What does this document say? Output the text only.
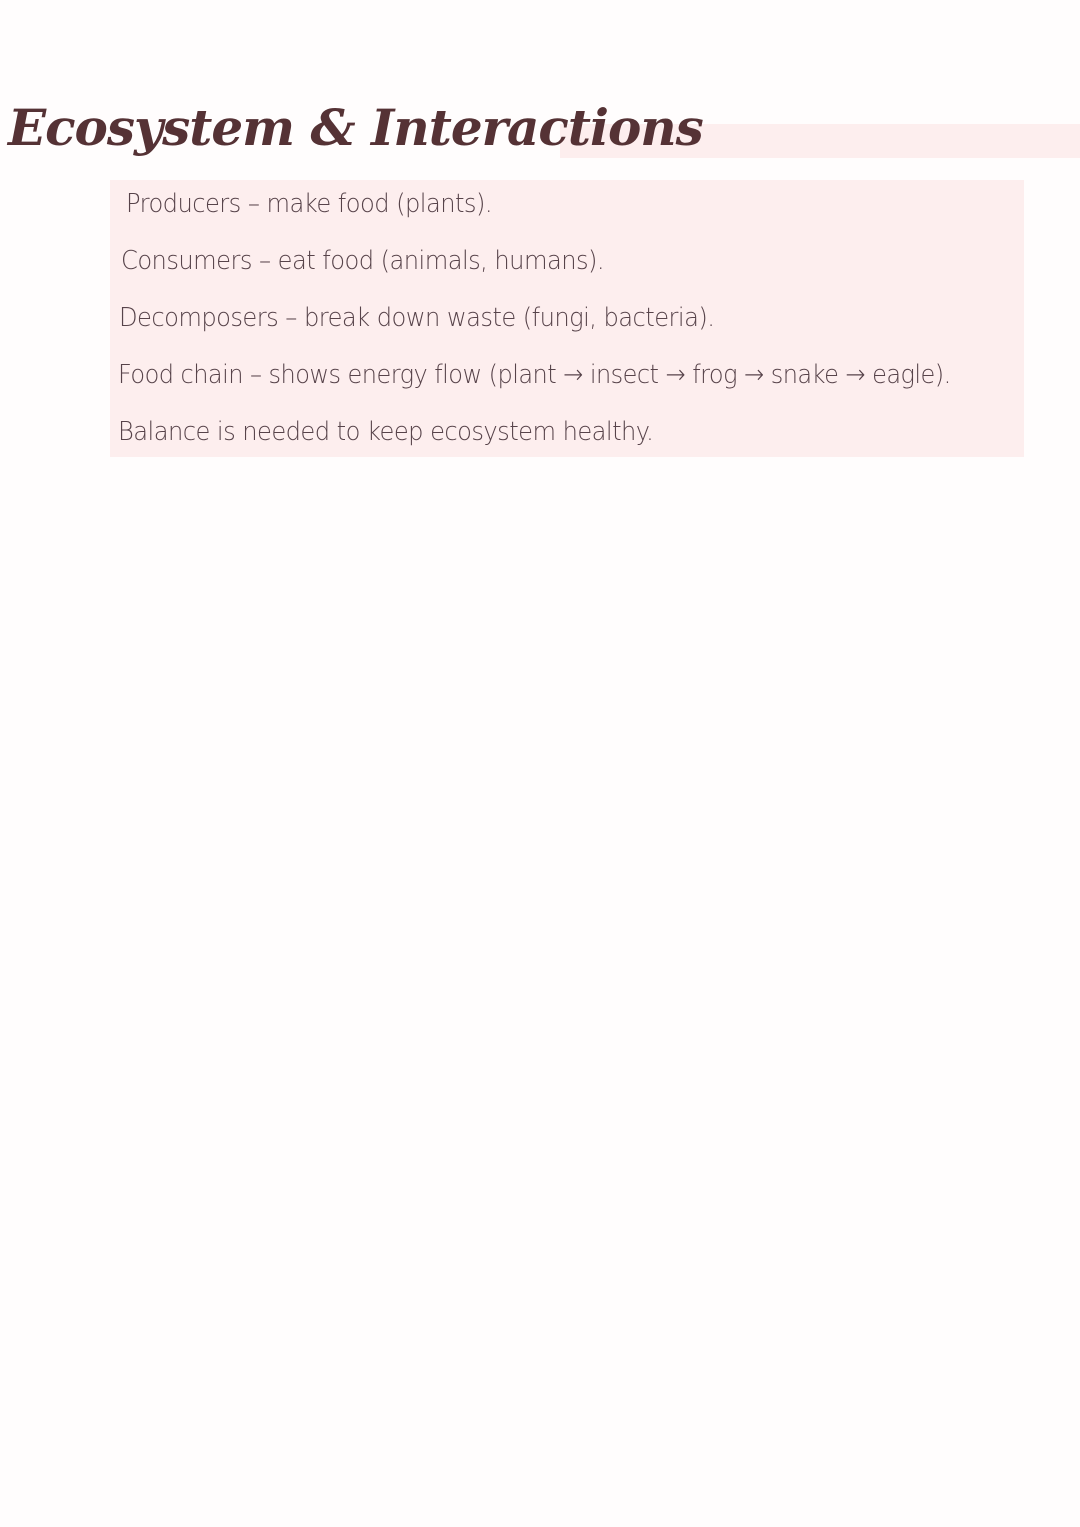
Ecosystem & Interactions

Producers – make food (plants).

Consumers – eat food (animals, humans).

Decomposers – break down waste (fungi, bacteria).

Food chain – shows energy flow (plant → insect → frog → snake → eagle).

Balance is needed to keep ecosystem healthy.
